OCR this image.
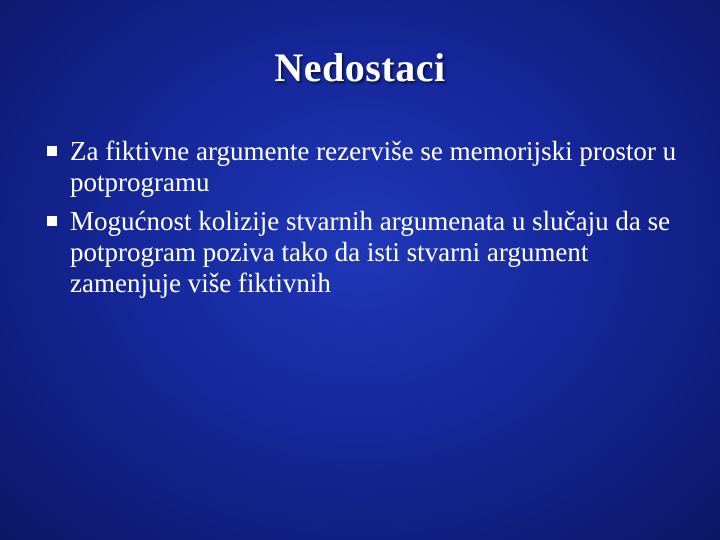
Nedostaci
Za fiktivne argumente rezerviše se memorijski prostor u potprogramu
Mogućnost kolizije stvarnih argumenata u slučaju da se potprogram poziva tako da isti stvarni argument zamenjuje više fiktivnih
